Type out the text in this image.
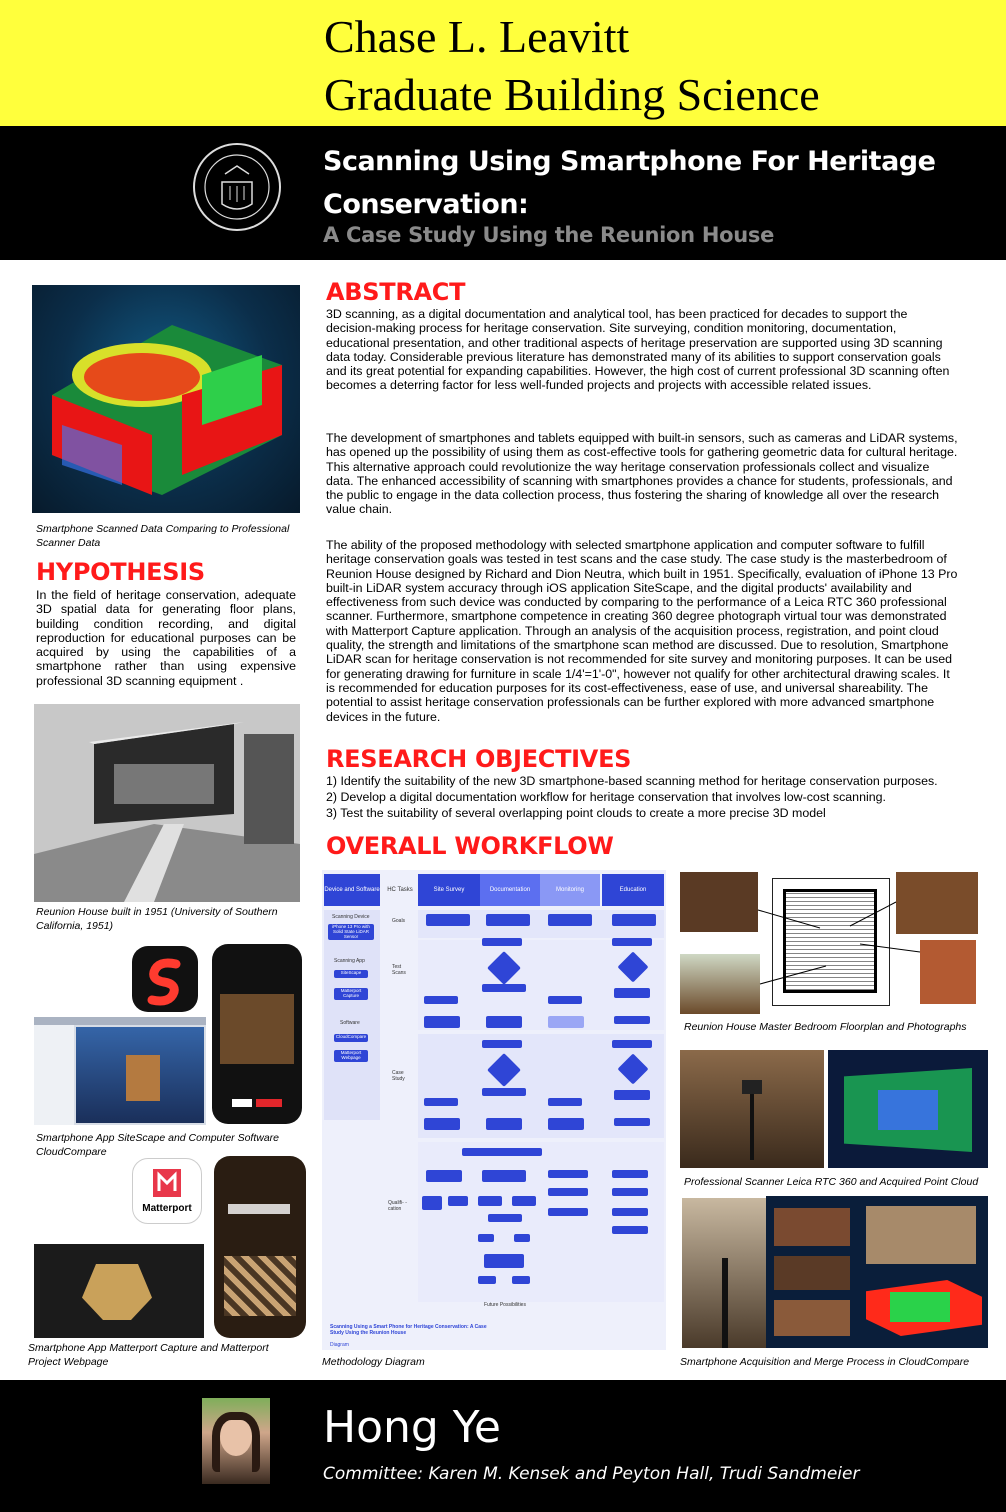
Chase L. Leavitt
Graduate Building Science
Scanning Using Smartphone For Heritage Conservation:
A Case Study Using the Reunion House
Smartphone Scanned Data Comparing to Professional Scanner Data
HYPOTHESIS
In the field of heritage conservation, adequate 3D spatial data for generating floor plans, building condition recording, and digital reproduction for educational purposes can be acquired by using the capabilities of a smartphone rather than using expensive professional 3D scanning equipment .
Reunion House built in 1951 (University of Southern California, 1951)
Smartphone App SiteScape and Computer Software CloudCompare
Matterport
Smartphone App Matterport Capture and Matterport Project Webpage
ABSTRACT
3D scanning, as a digital documentation and analytical tool, has been practiced for decades to support the decision-making process for heritage conservation. Site surveying, condition monitoring, documentation, educational presentation, and other traditional aspects of heritage preservation are supported using 3D scanning data today. Considerable previous literature has demonstrated many of its abilities to support conservation goals and its great potential for expanding capabilities. However, the high cost of current professional 3D scanning often becomes a deterring factor for less well-funded projects and projects with accessible related issues.
The development of smartphones and tablets equipped with built-in sensors, such as cameras and LiDAR systems, has opened up the possibility of using them as cost-effective tools for gathering geometric data for cultural heritage. This alternative approach could revolutionize the way heritage conservation professionals collect and visualize data. The enhanced accessibility of scanning with smartphones provides a chance for students, professionals, and the public to engage in the data collection process, thus fostering the sharing of knowledge all over the research value chain.
The ability of the proposed methodology with selected smartphone application and computer software to fulfill heritage conservation goals was tested in test scans and the case study. The case study is the masterbedroom of Reunion House designed by Richard and Dion Neutra, which built in 1951. Specifically, evaluation of iPhone 13 Pro built-in LiDAR system accuracy through iOS application SiteScape, and the digital products' availability and effectiveness from such device was conducted by comparing to the performance of a Leica RTC 360 professional scanner. Furthermore, smartphone competence in creating 360 degree photograph virtual tour was demonstrated with Matterport Capture application. Through an analysis of the acquisition process, registration, and point cloud quality, the strength and limitations of the smartphone scan method are discussed. Due to resolution, Smartphone LiDAR scan for heritage conservation is not recommended for site survey and monitoring purposes. It can be used for generating drawing for furniture in scale 1/4'=1'-0", however not qualify for other architectural drawing scales. It is recommended for education purposes for its cost-effectiveness, ease of use, and universal shareability. The potential to assist heritage conservation professionals can be further explored with more advanced smartphone devices in the future.
RESEARCH OBJECTIVES
1) Identify the suitability of the new 3D smartphone-based scanning method for heritage conservation purposes.
2) Develop a digital documentation workflow for heritage conservation that involves low-cost scanning.
3) Test the suitability of several overlapping point clouds to create a more precise 3D model
OVERALL WORKFLOW
Device and Software	HC Tasks	Site Survey	Documentation	Monitoring	Education
Scanning Device
iPhone 13 Pro with Solid State LiDAR Sensor
Scanning App
SiteScape
Matterport Capture
Software
CloudCompare
Matterport Webpage
Goals
Test Scans
Case Study
Qualifi- -cation
Future Possibilities
Scanning Using a Smart Phone for Heritage Conservation: A Case Study Using the Reunion House
Diagram
Methodology Diagram
Reunion House Master Bedroom Floorplan and Photographs
Professional Scanner Leica RTC 360 and Acquired Point Cloud
Smartphone Acquisition and Merge Process in CloudCompare
Hong Ye
Committee: Karen M. Kensek and Peyton Hall, Trudi Sandmeier
